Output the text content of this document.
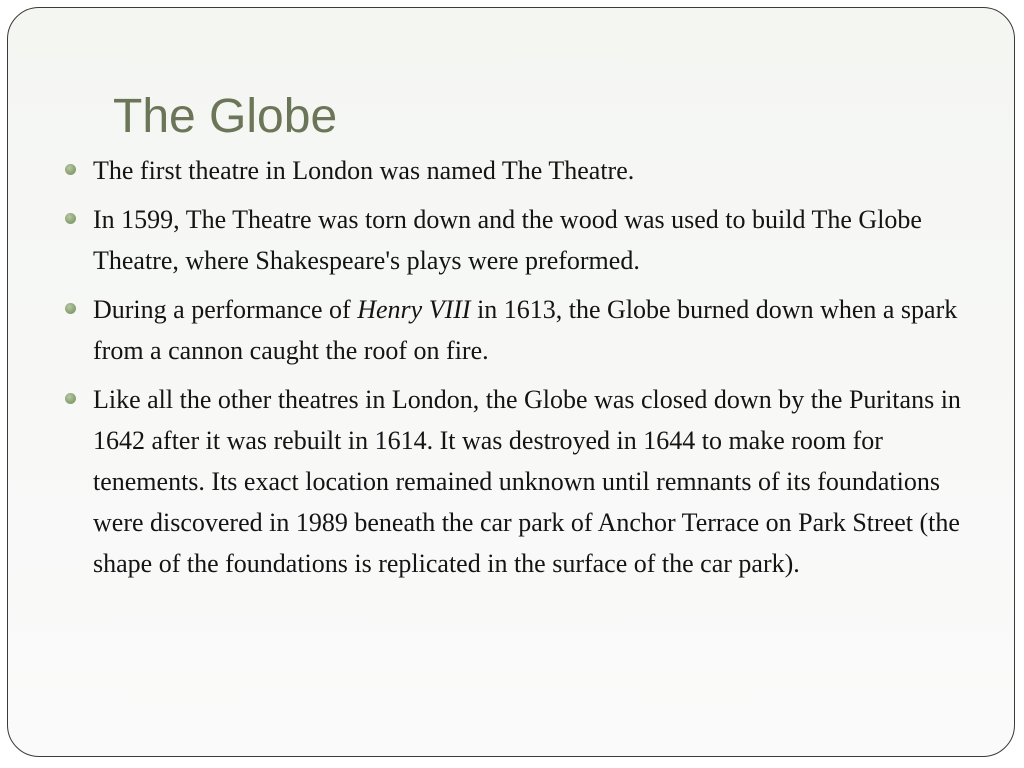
The Globe
The first theatre in London was named The Theatre.
In 1599, The Theatre was torn down and the wood was used to build The Globe Theatre, where Shakespeare's plays were preformed.
During a performance of Henry VIII in 1613, the Globe burned down when a spark from a cannon caught the roof on fire.
Like all the other theatres in London, the Globe was closed down by the Puritans in 1642 after it was rebuilt in 1614. It was destroyed in 1644 to make room for tenements. Its exact location remained unknown until remnants of its foundations were discovered in 1989 beneath the car park of Anchor Terrace on Park Street (the shape of the foundations is replicated in the surface of the car park).
